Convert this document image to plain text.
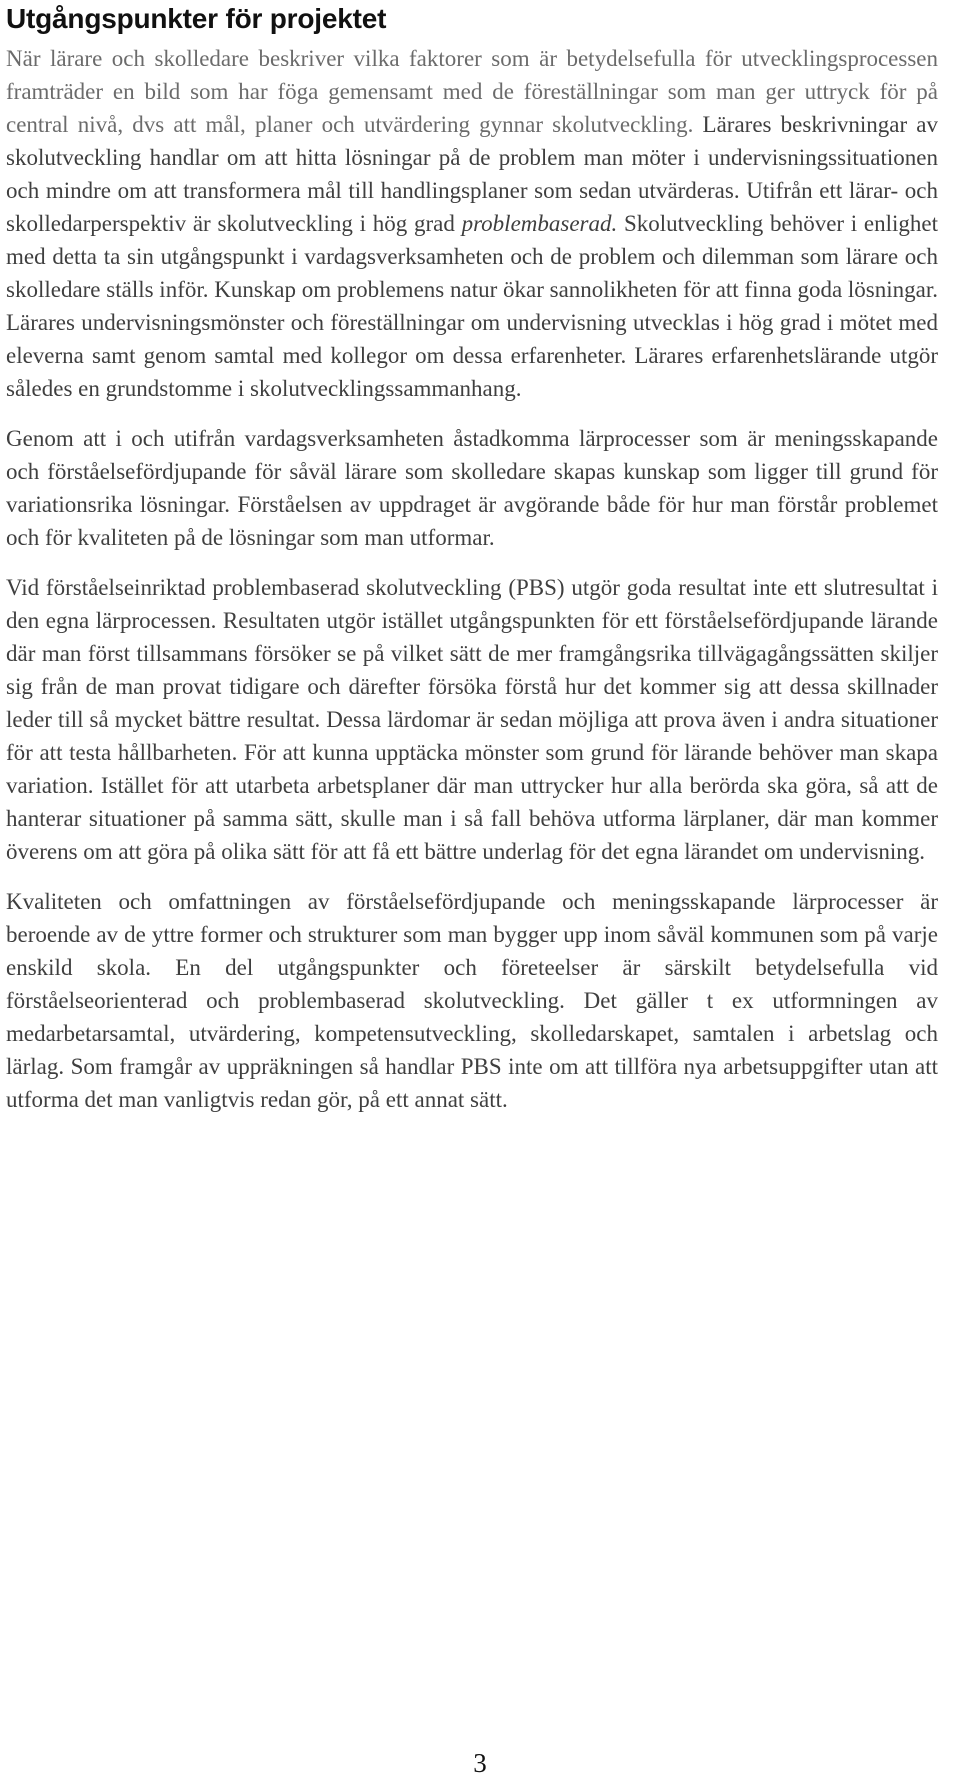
Utgångspunkter för projektet

När lärare och skolledare beskriver vilka faktorer som är betydelsefulla för utvecklingsprocessen framträder en bild som har föga gemensamt med de föreställningar som man ger uttryck för på central nivå, dvs att mål, planer och utvärdering gynnar skolutveckling. Lärares beskrivningar av skolutveckling handlar om att hitta lösningar på de problem man möter i undervisningssituationen och mindre om att transformera mål till handlingsplaner som sedan utvärderas. Utifrån ett lärar- och skolledarperspektiv är skolutveckling i hög grad problembaserad. Skolutveckling behöver i enlighet med detta ta sin utgångspunkt i vardagsverksamheten och de problem och dilemman som lärare och skolledare ställs inför. Kunskap om problemens natur ökar sannolikheten för att finna goda lösningar. Lärares undervisningsmönster och föreställningar om undervisning utvecklas i hög grad i mötet med eleverna samt genom samtal med kollegor om dessa erfarenheter. Lärares erfarenhetslärande utgör således en grundstomme i skolutvecklingssammanhang.

Genom att i och utifrån vardagsverksamheten åstadkomma lärprocesser som är meningsskapande och förståelsefördjupande för såväl lärare som skolledare skapas kunskap som ligger till grund för variationsrika lösningar. Förståelsen av uppdraget är avgörande både för hur man förstår problemet och för kvaliteten på de lösningar som man utformar.

Vid förståelseinriktad problembaserad skolutveckling (PBS) utgör goda resultat inte ett slutresultat i den egna lärprocessen. Resultaten utgör istället utgångspunkten för ett förståelsefördjupande lärande där man först tillsammans försöker se på vilket sätt de mer framgångsrika tillvägagångssätten skiljer sig från de man provat tidigare och därefter försöka förstå hur det kommer sig att dessa skillnader leder till så mycket bättre resultat. Dessa lärdomar är sedan möjliga att prova även i andra situationer för att testa hållbarheten. För att kunna upptäcka mönster som grund för lärande behöver man skapa variation. Istället för att utarbeta arbetsplaner där man uttrycker hur alla berörda ska göra, så att de hanterar situationer på samma sätt, skulle man i så fall behöva utforma lärplaner, där man kommer överens om att göra på olika sätt för att få ett bättre underlag för det egna lärandet om undervisning.

Kvaliteten och omfattningen av förståelsefördjupande och meningsskapande lärprocesser är beroende av de yttre former och strukturer som man bygger upp inom såväl kommunen som på varje enskild skola. En del utgångspunkter och företeelser är särskilt betydelsefulla vid förståelseorienterad och problembaserad skolutveckling. Det gäller t ex utformningen av medarbetarsamtal, utvärdering, kompetensutveckling, skolledarskapet, samtalen i arbetslag och lärlag. Som framgår av uppräkningen så handlar PBS inte om att tillföra nya arbetsuppgifter utan att utforma det man vanligtvis redan gör, på ett annat sätt.

3
